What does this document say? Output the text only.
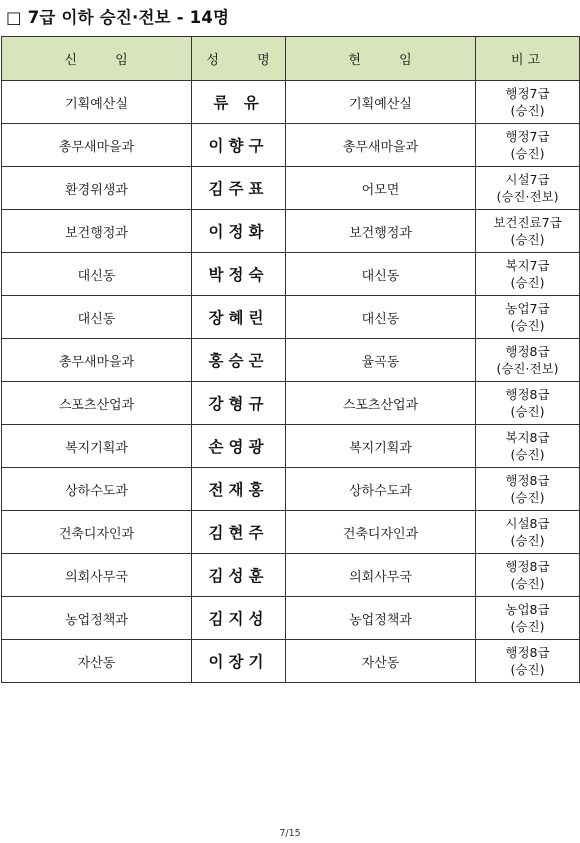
□ 7급 이하 승진·전보 - 14명
신 임	성 명	현 임	비고
기획예산실	류 유	기획예산실	행정7급
(승진)

총무새마을과	이향구	총무새마을과	행정7급
(승진)

환경위생과	김주표	어모면	시설7급
(승진·전보)

보건행정과	이정화	보건행정과	보건진료7급
(승진)

대신동	박정숙	대신동	복지7급
(승진)

대신동	장혜린	대신동	농업7급
(승진)

총무새마을과	홍승곤	율곡동	행정8급
(승진·전보)

스포츠산업과	강형규	스포츠산업과	행정8급
(승진)

복지기획과	손영광	복지기획과	복지8급
(승진)

상하수도과	전재홍	상하수도과	행정8급
(승진)

건축디자인과	김현주	건축디자인과	시설8급
(승진)

의회사무국	김성훈	의회사무국	행정8급
(승진)

농업정책과	김지성	농업정책과	농업8급
(승진)

자산동	이장기	자산동	행정8급
(승진)
7/15
